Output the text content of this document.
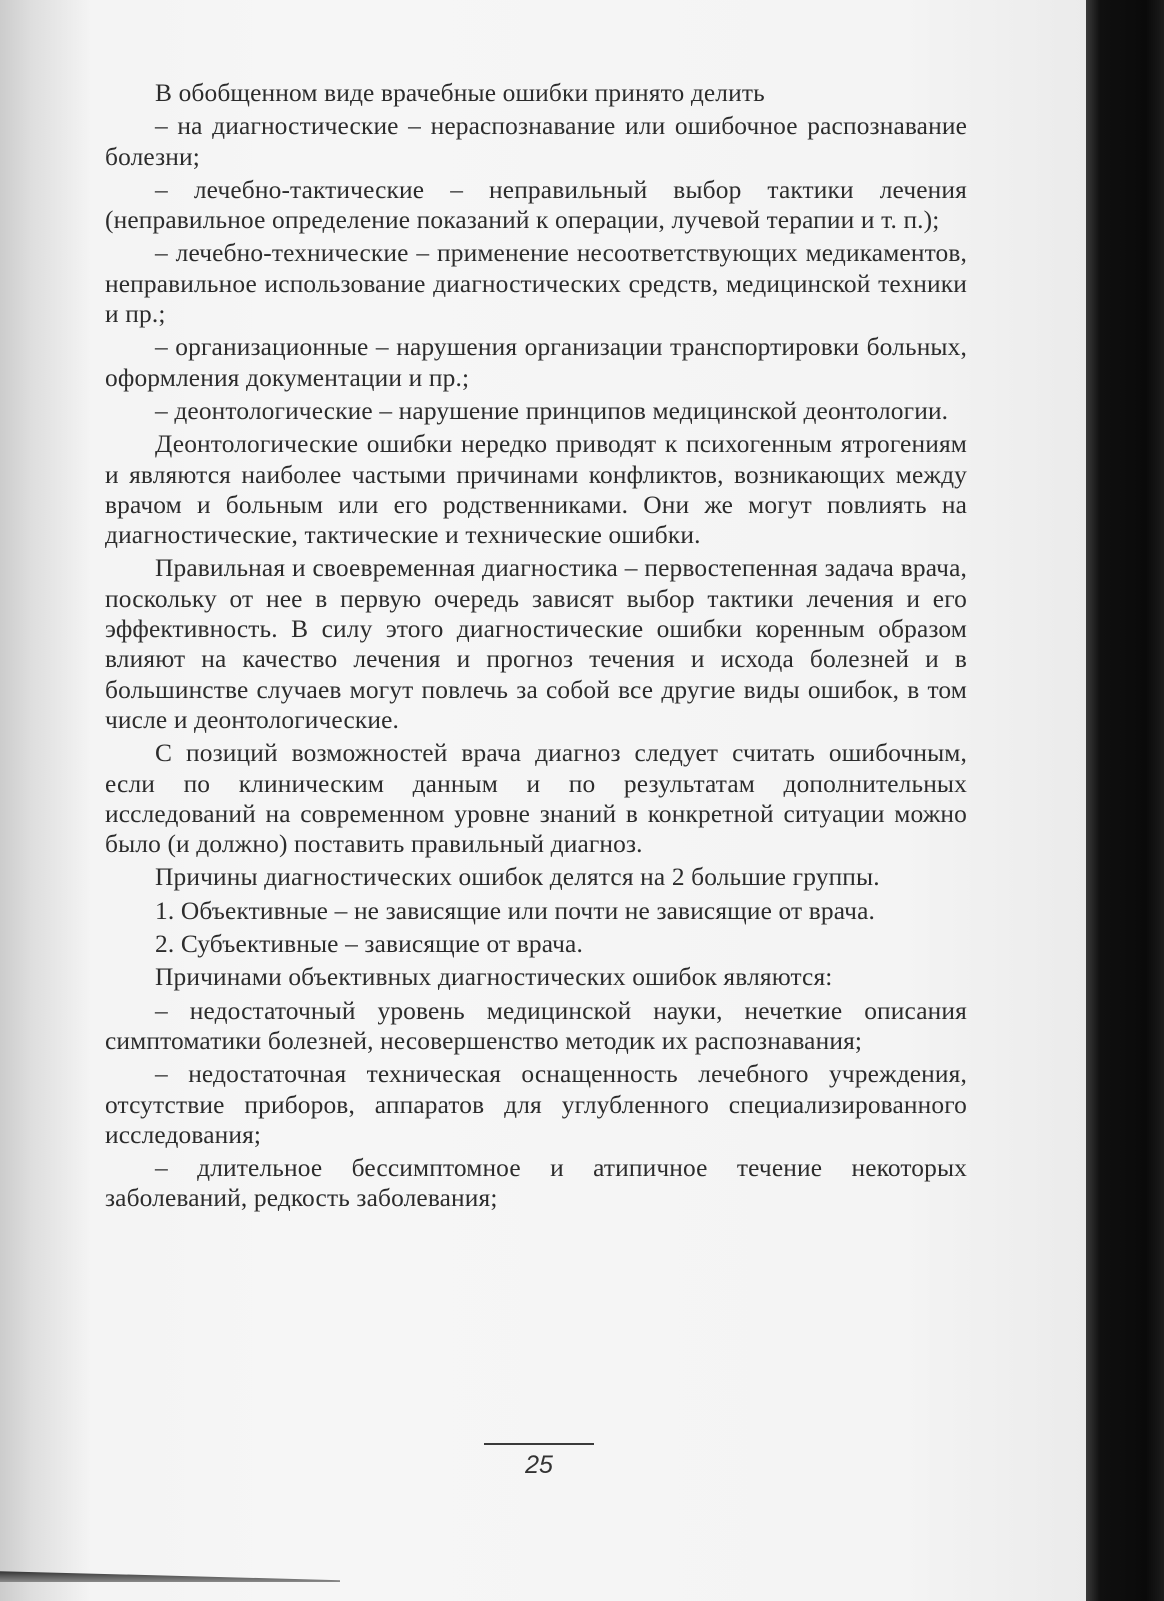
В обобщенном виде врачебные ошибки принято делить

– на диагностические – нераспознавание или ошибочное распознавание болезни;

– лечебно-тактические – неправильный выбор тактики лечения (неправильное определение показаний к операции, лучевой терапии и т. п.);

– лечебно-технические – применение несоответствующих медикаментов, неправильное использование диагностических средств, медицинской техники и пр.;

– организационные – нарушения организации транспортировки больных, оформления документации и пр.;

– деонтологические – нарушение принципов медицинской деонтологии.

Деонтологические ошибки нередко приводят к психогенным ятрогениям и являются наиболее частыми причинами конфликтов, возникающих между врачом и больным или его родственниками. Они же могут повлиять на диагностические, тактические и технические ошибки.

Правильная и своевременная диагностика – первостепенная задача врача, поскольку от нее в первую очередь зависят выбор тактики лечения и его эффективность. В силу этого диагностические ошибки коренным образом влияют на качество лечения и прогноз течения и исхода болезней и в большинстве случаев могут повлечь за собой все другие виды ошибок, в том числе и деонтологические.

С позиций возможностей врача диагноз следует считать ошибочным, если по клиническим данным и по результатам дополнительных исследований на современном уровне знаний в конкретной ситуации можно было (и должно) поставить правильный диагноз.

Причины диагностических ошибок делятся на 2 большие группы.

1. Объективные – не зависящие или почти не зависящие от врача.

2. Субъективные – зависящие от врача.

Причинами объективных диагностических ошибок являются:

– недостаточный уровень медицинской науки, нечеткие описания симптоматики болезней, несовершенство методик их распознавания;

– недостаточная техническая оснащенность лечебного учреждения, отсутствие приборов, аппаратов для углубленного специализированного исследования;

– длительное бессимптомное и атипичное течение некоторых заболеваний, редкость заболевания;

25
